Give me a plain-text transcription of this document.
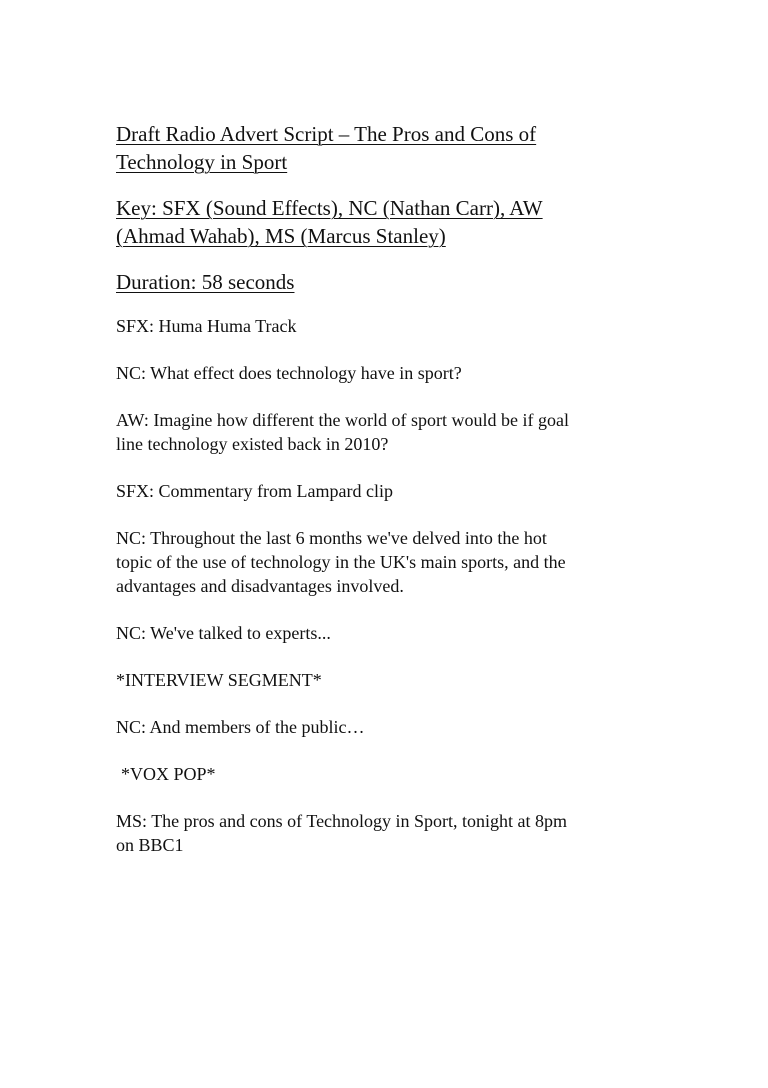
Draft Radio Advert Script – The Pros and Cons of
Technology in Sport
Key: SFX (Sound Effects), NC (Nathan Carr), AW
(Ahmad Wahab), MS (Marcus Stanley)
Duration: 58 seconds
SFX: Huma Huma Track
NC: What effect does technology have in sport?
AW: Imagine how different the world of sport would be if goal
line technology existed back in 2010?
SFX: Commentary from Lampard clip
NC: Throughout the last 6 months we've delved into the hot
topic of the use of technology in the UK's main sports, and the
advantages and disadvantages involved.
NC: We've talked to experts...
*INTERVIEW SEGMENT*
NC: And members of the public…
*VOX POP*
MS: The pros and cons of Technology in Sport, tonight at 8pm
on BBC1
